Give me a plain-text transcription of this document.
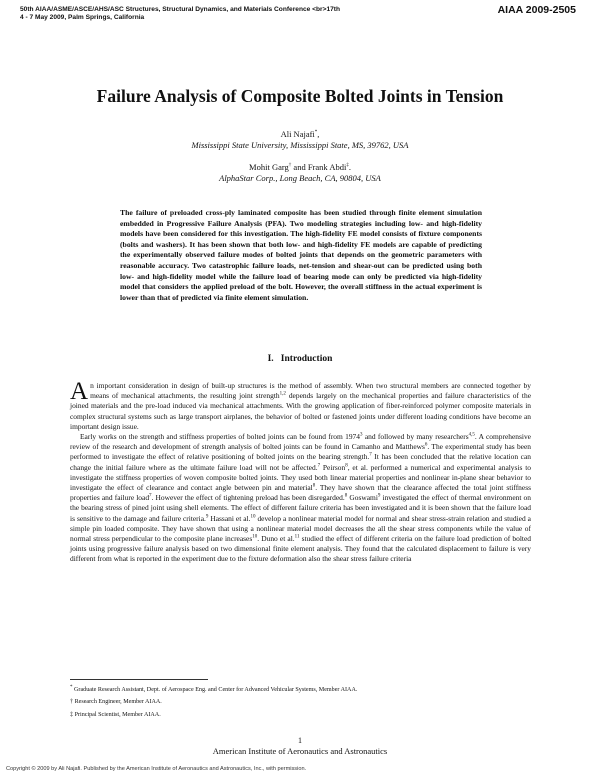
50th AIAA/ASME/ASCE/AHS/ASC Structures, Structural Dynamics, and Materials Conference <br>17th
4 - 7 May 2009, Palm Springs, California
AIAA 2009-2505
Failure Analysis of Composite Bolted Joints in Tension
Ali Najafi*,
Mississippi State University, Mississippi State, MS, 39762, USA
Mohit Garg† and Frank Abdi‡.
AlphaStar Corp., Long Beach, CA, 90804, USA
The failure of preloaded cross-ply laminated composite has been studied through finite element simulation embedded in Progressive Failure Analysis (PFA). Two modeling strategies including low- and high-fidelity models have been considered for this investigation. The high-fidelity FE model consists of fixture components (bolts and washers). It has been shown that both low- and high-fidelity FE models are capable of predicting the experimentally observed failure modes of bolted joints that depends on the geometric parameters with reasonable accuracy. Two catastrophic failure loads, net-tension and shear-out can be predicted using both low- and high-fidelity model while the failure load of bearing mode can only be predicted via high-fidelity model that considers the applied preload of the bolt. However, the overall stiffness in the actual experiment is lower than that of predicted via finite element simulation.
I.   Introduction

An important consideration in design of built-up structures is the method of assembly. When two structural members are connected together by means of mechanical attachments, the resulting joint strength$^{1,2}$ depends largely on the mechanical properties and failure characteristics of the joined materials and the pre-load induced via mechanical attachments. With the growing application of fiber-reinforced polymer composite materials in complex structural systems such as large transport airplanes, the behavior of bolted or fastened joints under different loading conditions have become an important design issue.

Early works on the strength and stiffness properties of bolted joints can be found from 1974$^3$ and followed by many researchers$^{4,5}$. A comprehensive review of the research and development of strength analysis of bolted joints can be found in Camanho and Matthews$^6$. The experimental study has been performed to investigate the effect of relative positioning of bolted joints on the bearing strength.$^7$ It has been concluded that the relative location can change the initial failure where as the ultimate failure load will not be affected.$^7$ Peirson$^8$, et al. performed a numerical and experimental analysis to investigate the stiffness properties of woven composite bolted joints. They used both linear material properties and nonlinear in-plane shear behavior to investigate the effect of clearance and contact angle between pin and material$^8$. They have shown that the clearance affected the total joint stiffness properties and failure load$^7$. However the effect of tightening preload has been disregarded.$^8$ Goswami$^9$ investigated the effect of thermal environment on the bearing stress of pined joint using shell elements. The effect of different failure criteria has been investigated and it is been shown that the failure load is sensitive to the damage and failure criteria.$^9$ Hassani et al.$^{10}$ develop a nonlinear material model for normal and shear stress-strain relation and studied a simple pin loaded composite. They have shown that using a nonlinear material model decreases the all the shear stress components while the value of normal stress perpendicular to the composite plane increases$^{10}$. Duno et al.$^{11}$ studied the effect of different criteria on the failure load prediction of bolted joints using progressive failure analysis based on two dimensional finite element analysis. They found that the calculated displacement to failure is very different from what is reported in the experiment due to the fixture deformation also the shear stress failure criteria

* Graduate Research Assistant, Dept. of Aerospace Eng. and Center for Advanced Vehicular Systems, Member AIAA.
† Research Engineer, Member AIAA.
‡ Principal Scientist, Member AIAA.
1
American Institute of Aeronautics and Astronautics
Copyright © 2009 by Ali Najafi. Published by the American Institute of Aeronautics and Astronautics, Inc., with permission.
